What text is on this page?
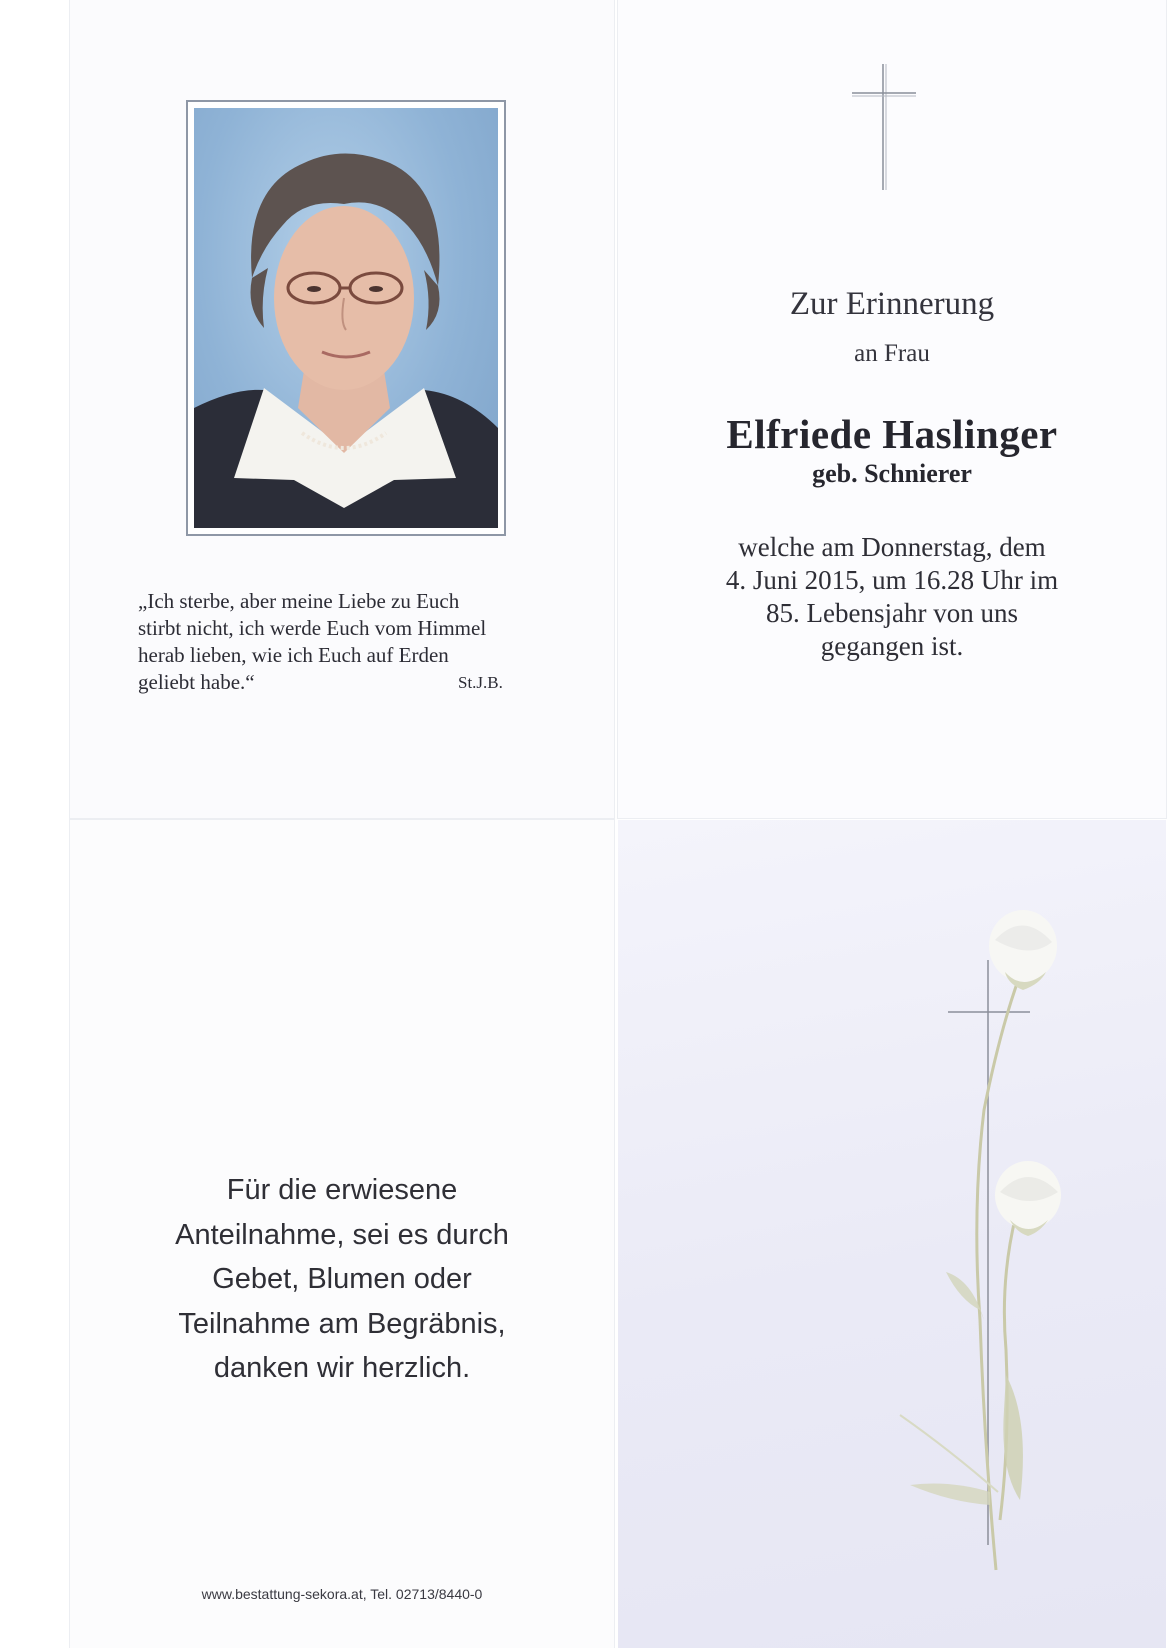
„Ich sterbe, aber meine Liebe zu Euch

stirbt nicht, ich werde Euch vom Himmel

herab lieben, wie ich Euch auf Erden

geliebt habe.“	St.J.B.
Zur Erinnerung
an Frau
Elfriede Haslinger
geb. Schnierer

welche am Donnerstag, dem

4. Juni 2015, um 16.28 Uhr im

85. Lebensjahr von uns

gegangen ist.

Für die erwiesene

Anteilnahme, sei es durch

Gebet, Blumen oder

Teilnahme am Begräbnis,

danken wir herzlich.

www.bestattung-sekora.at, Tel. 02713/8440-0
